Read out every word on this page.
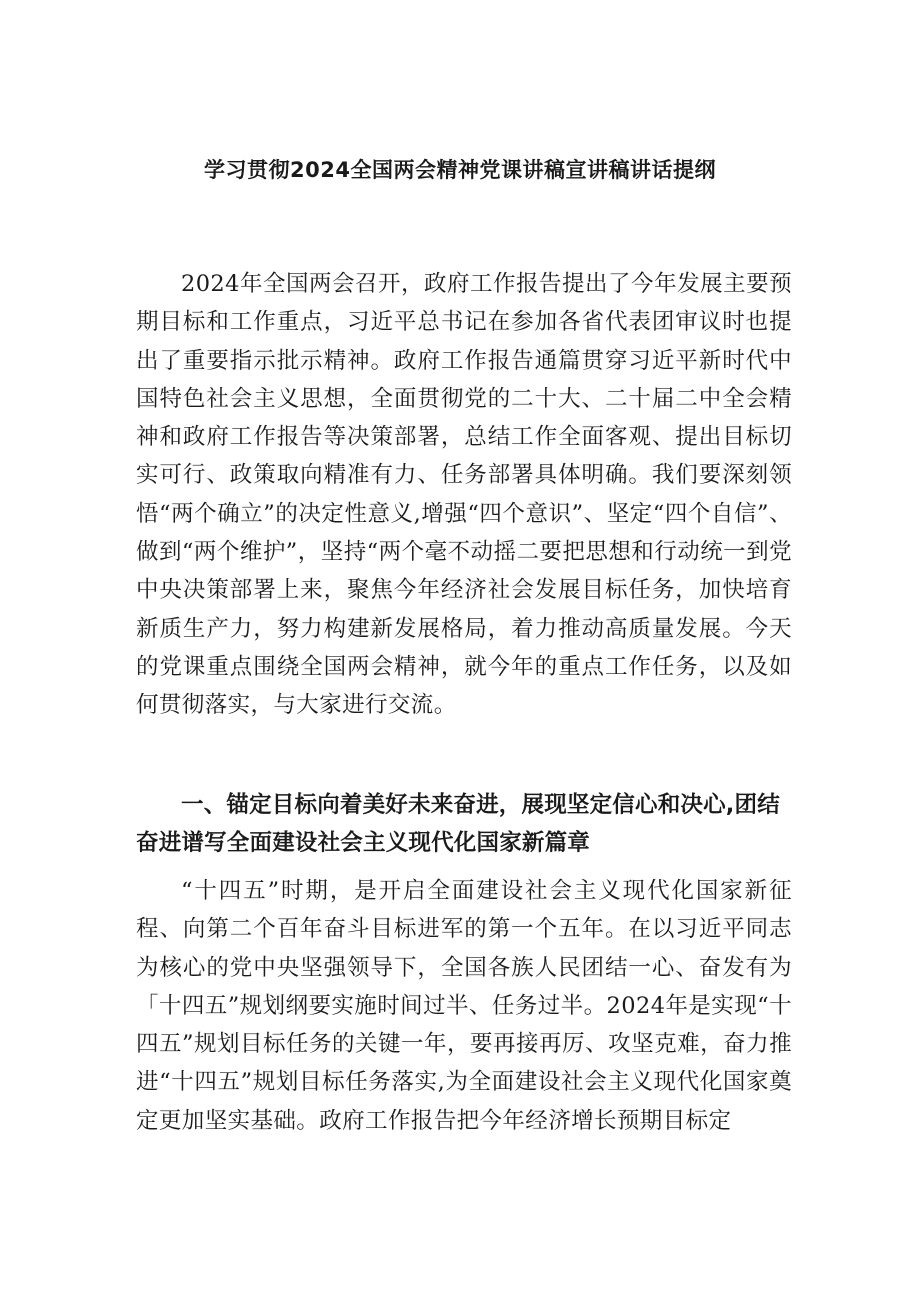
学习贯彻2024全国两会精神党课讲稿宣讲稿讲话提纲

2024年全国两会召开，政府工作报告提出了今年发展主要预期目标和工作重点，习近平总书记在参加各省代表团审议时也提出了重要指示批示精神。政府工作报告通篇贯穿习近平新时代中国特色社会主义思想，全面贯彻党的二十大、二十届二中全会精神和政府工作报告等决策部署，总结工作全面客观、提出目标切实可行、政策取向精准有力、任务部署具体明确。我们要深刻领悟“两个确立”的决定性意义,增强“四个意识”、坚定“四个自信”、做到“两个维护”，坚持“两个毫不动摇二要把思想和行动统一到党中央决策部署上来，聚焦今年经济社会发展目标任务，加快培育新质生产力，努力构建新发展格局，着力推动高质量发展。今天的党课重点围绕全国两会精神，就今年的重点工作任务，以及如何贯彻落实，与大家进行交流。

一、锚定目标向着美好未来奋进，展现坚定信心和决心,团结奋进谱写全面建设社会主义现代化国家新篇章

“十四五”时期，是开启全面建设社会主义现代化国家新征程、向第二个百年奋斗目标进军的第一个五年。在以习近平同志为核心的党中央坚强领导下，全国各族人民团结一心、奋发有为「十四五”规划纲要实施时间过半、任务过半。2024年是实现“十四五”规划目标任务的关键一年，要再接再厉、攻坚克难，奋力推进“十四五”规划目标任务落实,为全面建设社会主义现代化国家奠定更加坚实基础。政府工作报告把今年经济增长预期目标定
